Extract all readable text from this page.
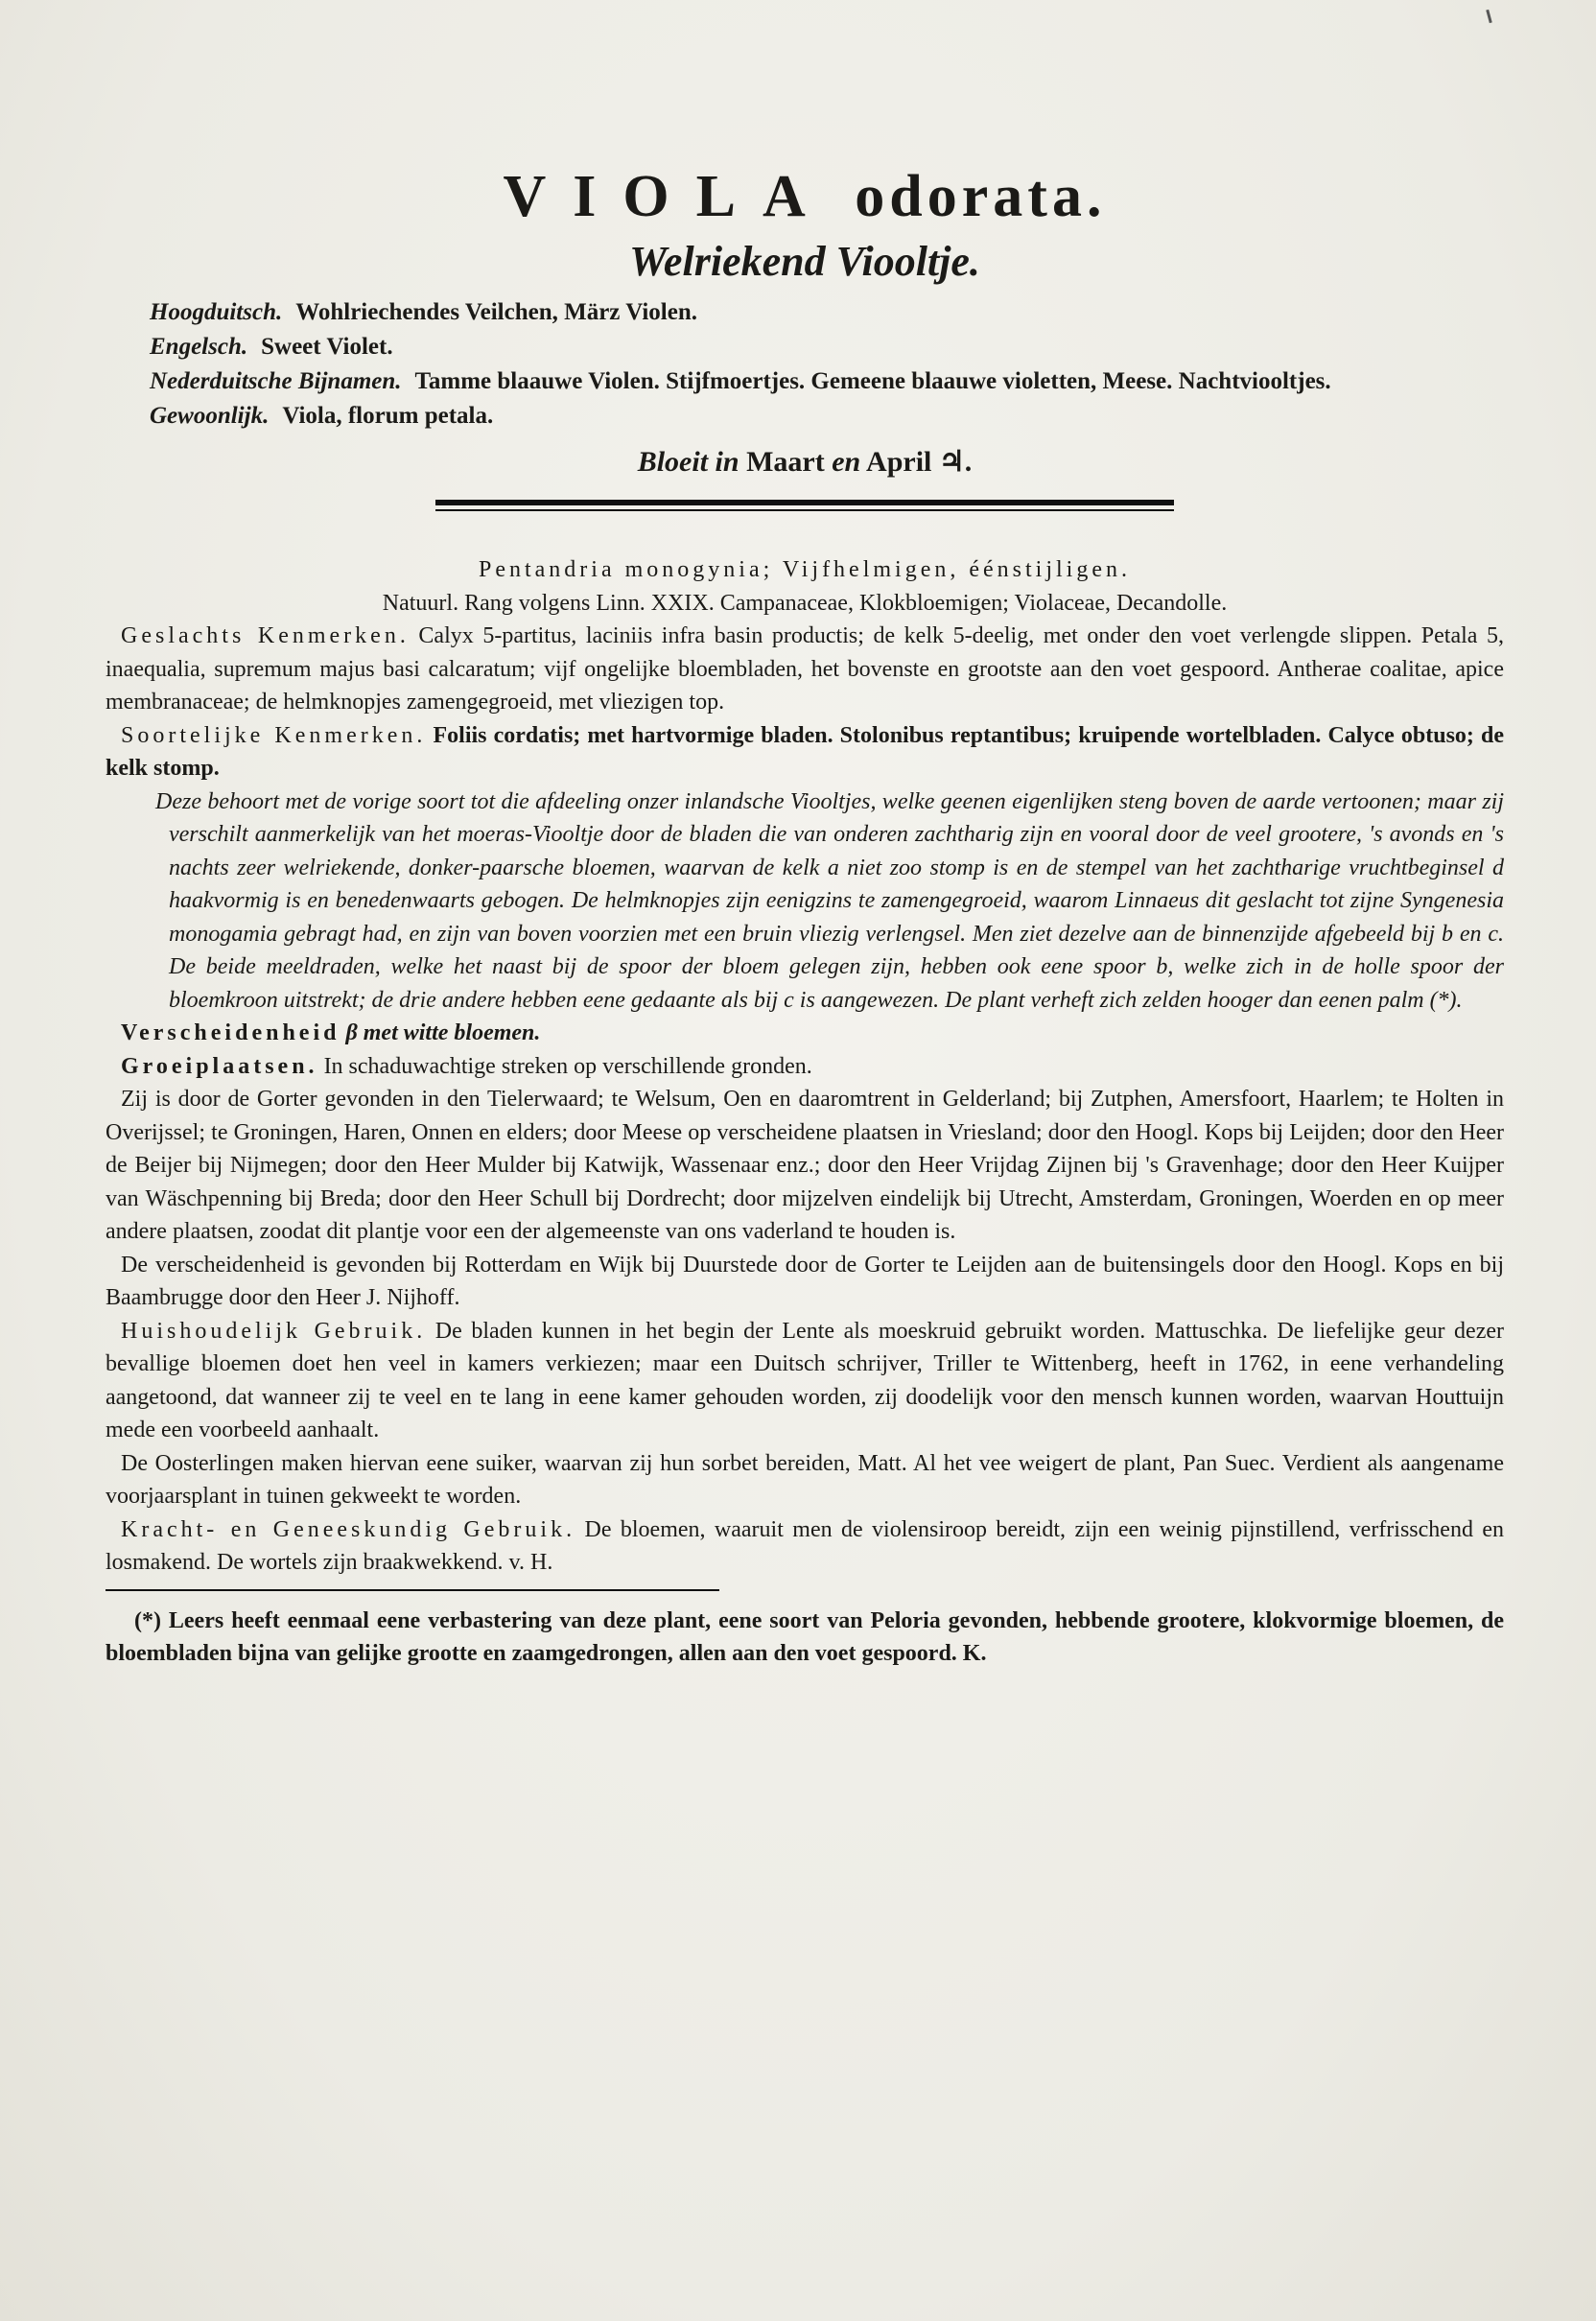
VIOLA odorata.
Welriekend Viooltje.
Hoogduitsch. Wohlriechendes Veilchen, März Violen.
Engelsch. Sweet Violet.
Nederduitsche Bijnamen. Tamme blaauwe Violen. Stijfmoertjes. Gemeene blaauwe violetten, Meese. Nachtviooltjes.
Gewoonlijk. Viola, florum petala.
Bloeit in Maart en April ♃.

Pentandria monogynia; Vijfhelmigen, éénstijligen.

Natuurl. Rang volgens Linn. XXIX. Campanaceae, Klokbloemigen; Violaceae, Decandolle.

Geslachts Kenmerken. Calyx 5-partitus, laciniis infra basin productis; de kelk 5-deelig, met onder den voet verlengde slippen. Petala 5, inaequalia, supremum majus basi calcaratum; vijf ongelijke bloembladen, het bovenste en grootste aan den voet gespoord. Antherae coalitae, apice membranaceae; de helmknopjes zamengegroeid, met vliezigen top.

Soortelijke Kenmerken. Foliis cordatis; met hartvormige bladen. Stolonibus reptantibus; kruipende wortelbladen. Calyce obtuso; de kelk stomp.

Deze behoort met de vorige soort tot die afdeeling onzer inlandsche Viooltjes, welke geenen eigenlijken steng boven de aarde vertoonen; maar zij verschilt aanmerkelijk van het moeras-Viooltje door de bladen die van onderen zachtharig zijn en vooral door de veel grootere, 's avonds en 's nachts zeer welriekende, donker-paarsche bloemen, waarvan de kelk a niet zoo stomp is en de stempel van het zachtharige vruchtbeginsel d haakvormig is en benedenwaarts gebogen. De helmknopjes zijn eenigzins te zamengegroeid, waarom Linnaeus dit geslacht tot zijne Syngenesia monogamia gebragt had, en zijn van boven voorzien met een bruin vliezig verlengsel. Men ziet dezelve aan de binnenzijde afgebeeld bij b en c. De beide meeldraden, welke het naast bij de spoor der bloem gelegen zijn, hebben ook eene spoor b, welke zich in de holle spoor der bloemkroon uitstrekt; de drie andere hebben eene gedaante als bij c is aangewezen. De plant verheft zich zelden hooger dan eenen palm (*).

Verscheidenheid β met witte bloemen.

Groeiplaatsen. In schaduwachtige streken op verschillende gronden.

Zij is door de Gorter gevonden in den Tielerwaard; te Welsum, Oen en daaromtrent in Gelderland; bij Zutphen, Amersfoort, Haarlem; te Holten in Overijssel; te Groningen, Haren, Onnen en elders; door Meese op verscheidene plaatsen in Vriesland; door den Hoogl. Kops bij Leijden; door den Heer de Beijer bij Nijmegen; door den Heer Mulder bij Katwijk, Wassenaar enz.; door den Heer Vrijdag Zijnen bij 's Gravenhage; door den Heer Kuijper van Wäschpenning bij Breda; door den Heer Schull bij Dordrecht; door mijzelven eindelijk bij Utrecht, Amsterdam, Groningen, Woerden en op meer andere plaatsen, zoodat dit plantje voor een der algemeenste van ons vaderland te houden is.

De verscheidenheid is gevonden bij Rotterdam en Wijk bij Duurstede door de Gorter te Leijden aan de buitensingels door den Hoogl. Kops en bij Baambrugge door den Heer J. Nijhoff.

Huishoudelijk Gebruik. De bladen kunnen in het begin der Lente als moeskruid gebruikt worden. Mattuschka. De liefelijke geur dezer bevallige bloemen doet hen veel in kamers verkiezen; maar een Duitsch schrijver, Triller te Wittenberg, heeft in 1762, in eene verhandeling aangetoond, dat wanneer zij te veel en te lang in eene kamer gehouden worden, zij doodelijk voor den mensch kunnen worden, waarvan Houttuijn mede een voorbeeld aanhaalt.

De Oosterlingen maken hiervan eene suiker, waarvan zij hun sorbet bereiden, Matt. Al het vee weigert de plant, Pan Suec. Verdient als aangename voorjaarsplant in tuinen gekweekt te worden.

Kracht- en Geneeskundig Gebruik. De bloemen, waaruit men de violensiroop bereidt, zijn een weinig pijnstillend, verfrisschend en losmakend. De wortels zijn braakwekkend. v. H.

(*) Leers heeft eenmaal eene verbastering van deze plant, eene soort van Peloria gevonden, hebbende grootere, klokvormige bloemen, de bloembladen bijna van gelijke grootte en zaamgedrongen, allen aan den voet gespoord. K.
